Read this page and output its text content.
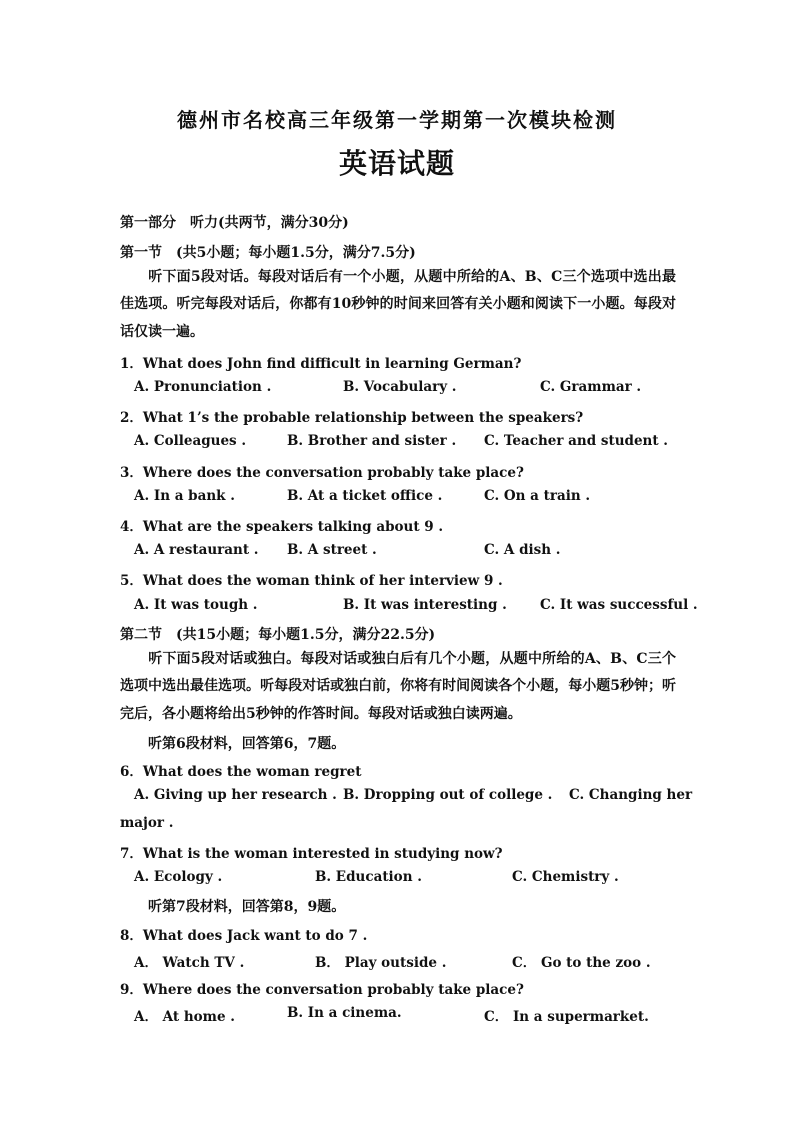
德州市名校高三年级第一学期第一次模块检测
英语试题
第一部分　听力(共两节，满分30分)
第一节　(共5小题；每小题1.5分，满分7.5分)
听下面5段对话。每段对话后有一个小题，从题中所给的A、B、C三个选项中选出最佳选项。听完每段对话后，你都有10秒钟的时间来回答有关小题和阅读下一小题。每段对话仅读一遍。
1．What does John find difficult in learning German?
A. Pronunciation .	B. Vocabulary .	C. Grammar .
2．What 1’s the probable relationship between the speakers?
A. Colleagues .	B. Brother and sister . C. Teacher and student .
3．Where does the conversation probably take place?
A. In a bank .	B. At a ticket office .	C. On a train .
4．What are the speakers talking about 9 .
A. A restaurant . B. A street .	C. A dish .
5．What does the woman think of her interview 9 .
A. It was tough .	B. It was interesting . C. It was successful .
第二节　(共15小题；每小题1.5分，满分22.5分)
听下面5段对话或独白。每段对话或独白后有几个小题，从题中所给的A、B、C三个选项中选出最佳选项。听每段对话或独白前，你将有时间阅读各个小题，每小题5秒钟；听完后，各小题将给出5秒钟的作答时间。每段对话或独白读两遍。
听第6段材料，回答第6，7题。
6．What does the woman regret
A. Giving up her research . B. Dropping out of college . C. Changing her
major .
7．What is the woman interested in studying now?
A. Ecology .	B. Education .	C. Chemistry .
听第7段材料，回答第8，9题。
8．What does Jack want to do 7 .
A． Watch TV .	B． Play outside .	C． Go to the zoo .
9．Where does the conversation probably take place?
A． At home .	B. In a cinema.	C． In a supermarket.
